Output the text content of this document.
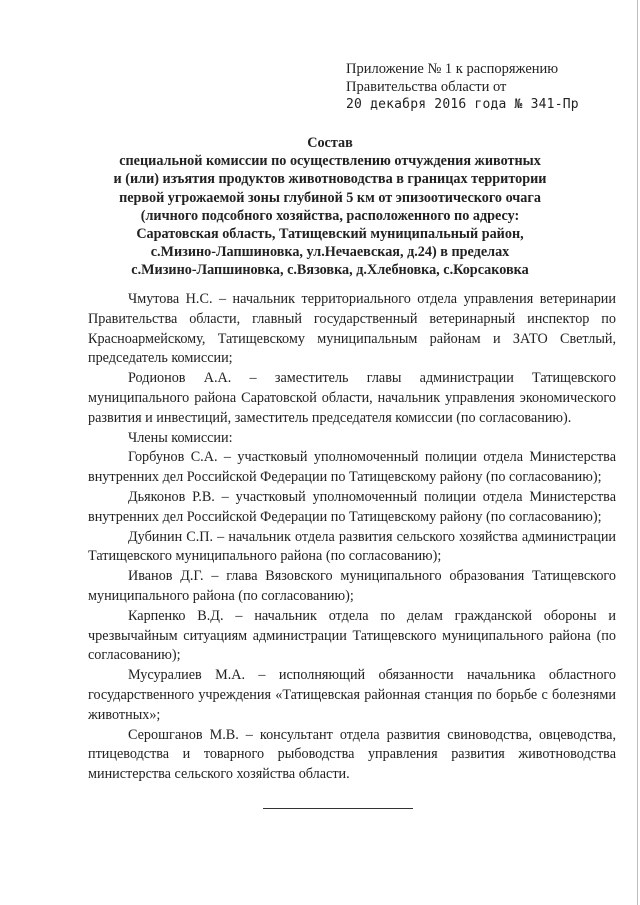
Приложение № 1 к распоряжению
Правительства области от
20 декабря 2016 года № 341-Пр
Состав
специальной комиссии по осуществлению отчуждения животных
и (или) изъятия продуктов животноводства в границах территории
первой угрожаемой зоны глубиной 5 км от эпизоотического очага
(личного подсобного хозяйства, расположенного по адресу:
Саратовская область, Татищевский муниципальный район,
с.Мизино-Лапшиновка, ул.Нечаевская, д.24) в пределах
с.Мизино-Лапшиновка, с.Вязовка, д.Хлебновка, с.Корсаковка

Чмутова Н.С. – начальник территориального отдела управления ветеринарии Правительства области, главный государственный ветеринарный инспектор по Красноармейскому, Татищевскому муниципальным районам и ЗАТО Светлый, председатель комиссии;

Родионов А.А. – заместитель главы администрации Татищевского муниципального района Саратовской области, начальник управления экономического развития и инвестиций, заместитель председателя комиссии (по согласованию).

Члены комиссии:

Горбунов С.А. – участковый уполномоченный полиции отдела Министерства внутренних дел Российской Федерации по Татищевскому району (по согласованию);

Дьяконов Р.В. – участковый уполномоченный полиции отдела Министерства внутренних дел Российской Федерации по Татищевскому району (по согласованию);

Дубинин С.П. – начальник отдела развития сельского хозяйства администрации Татищевского муниципального района (по согласованию);

Иванов Д.Г. – глава Вязовского муниципального образования Татищевского муниципального района (по согласованию);

Карпенко В.Д. – начальник отдела по делам гражданской обороны и чрезвычайным ситуациям администрации Татищевского муниципального района (по согласованию);

Мусуралиев М.А. – исполняющий обязанности начальника областного государственного учреждения «Татищевская районная станция по борьбе с болезнями животных»;

Серошганов М.В. – консультант отдела развития свиноводства, овцеводства, птицеводства и товарного рыбоводства управления развития животноводства министерства сельского хозяйства области.
